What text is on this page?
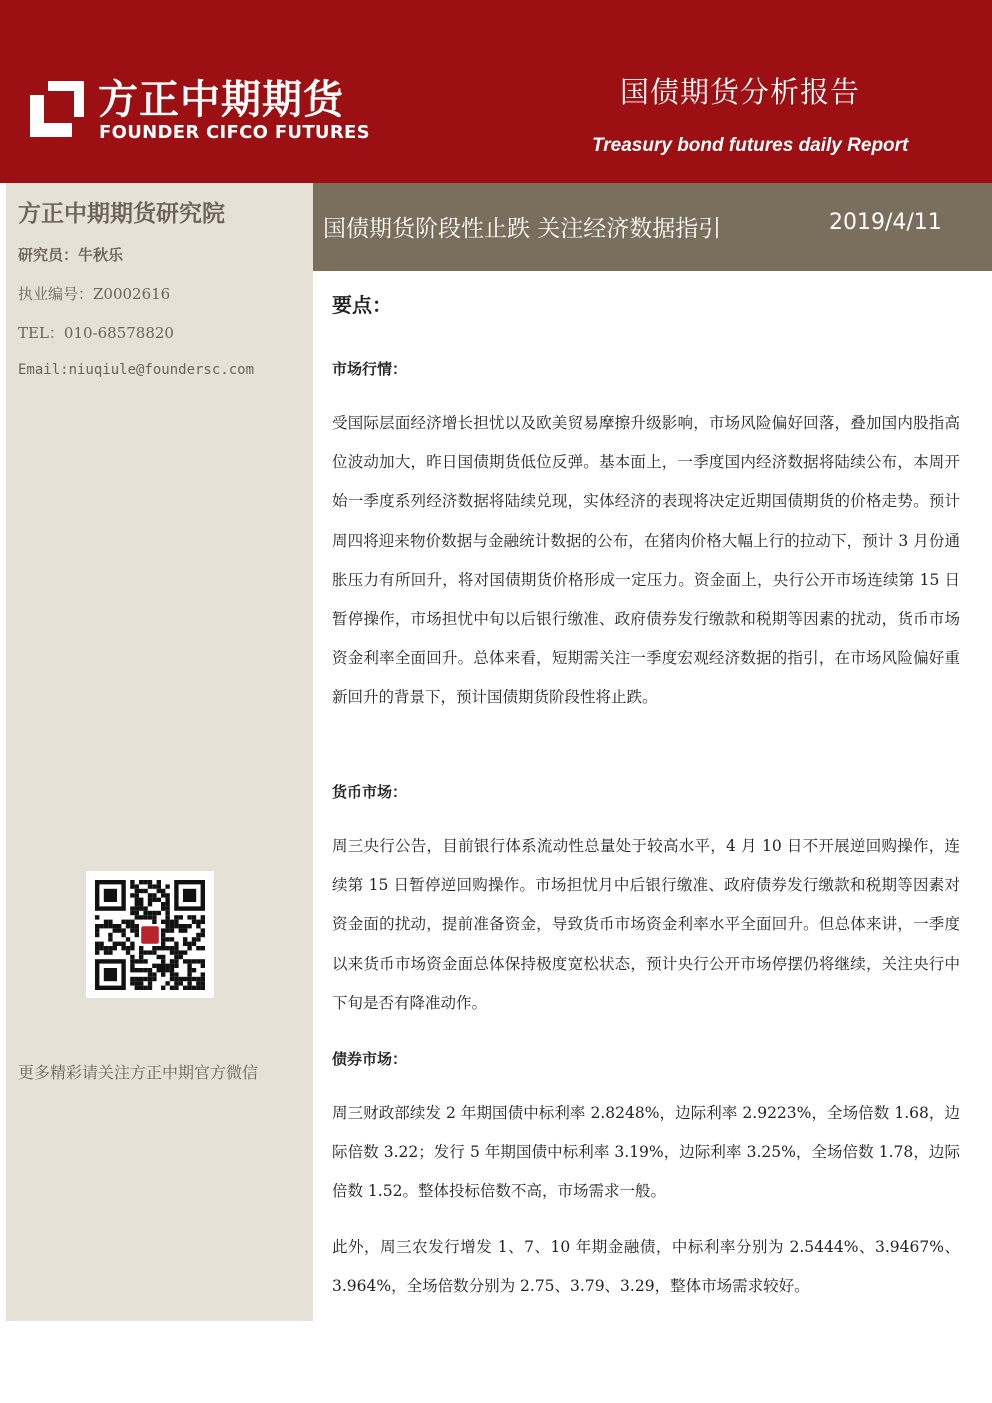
方正中期期货
FOUNDER CIFCO FUTURES
国债期货分析报告
Treasury bond futures daily Report
方正中期期货研究院
研究员：牛秋乐
执业编号：Z0002616
TEL：010-68578820
Email:niuqiule@foundersc.com
更多精彩请关注方正中期官方微信
国债期货阶段性止跌 关注经济数据指引	2019/4/11
要点：
市场行情：

受国际层面经济增长担忧以及欧美贸易摩擦升级影响，市场风险偏好回落，叠加国内股指高位波动加大，昨日国债期货低位反弹。基本面上，一季度国内经济数据将陆续公布，本周开始一季度系列经济数据将陆续兑现，实体经济的表现将决定近期国债期货的价格走势。预计周四将迎来物价数据与金融统计数据的公布，在猪肉价格大幅上行的拉动下，预计 3 月份通胀压力有所回升，将对国债期货价格形成一定压力。资金面上，央行公开市场连续第 15 日暂停操作，市场担忧中旬以后银行缴准、政府债券发行缴款和税期等因素的扰动，货币市场资金利率全面回升。总体来看，短期需关注一季度宏观经济数据的指引，在市场风险偏好重新回升的背景下，预计国债期货阶段性将止跌。

货币市场：

周三央行公告，目前银行体系流动性总量处于较高水平，4 月 10 日不开展逆回购操作，连续第 15 日暂停逆回购操作。市场担忧月中后银行缴准、政府债券发行缴款和税期等因素对资金面的扰动，提前准备资金，导致货币市场资金利率水平全面回升。但总体来讲，一季度以来货币市场资金面总体保持极度宽松状态，预计央行公开市场停摆仍将继续，关注央行中下旬是否有降准动作。

债券市场：

周三财政部续发 2 年期国债中标利率 2.8248%，边际利率 2.9223%，全场倍数 1.68，边际倍数 3.22；发行 5 年期国债中标利率 3.19%，边际利率 3.25%，全场倍数 1.78，边际倍数 1.52。整体投标倍数不高，市场需求一般。

此外，周三农发行增发 1、7、10 年期金融债，中标利率分别为 2.5444%、3.9467%、3.964%，全场倍数分别为 2.75、3.79、3.29，整体市场需求较好。
